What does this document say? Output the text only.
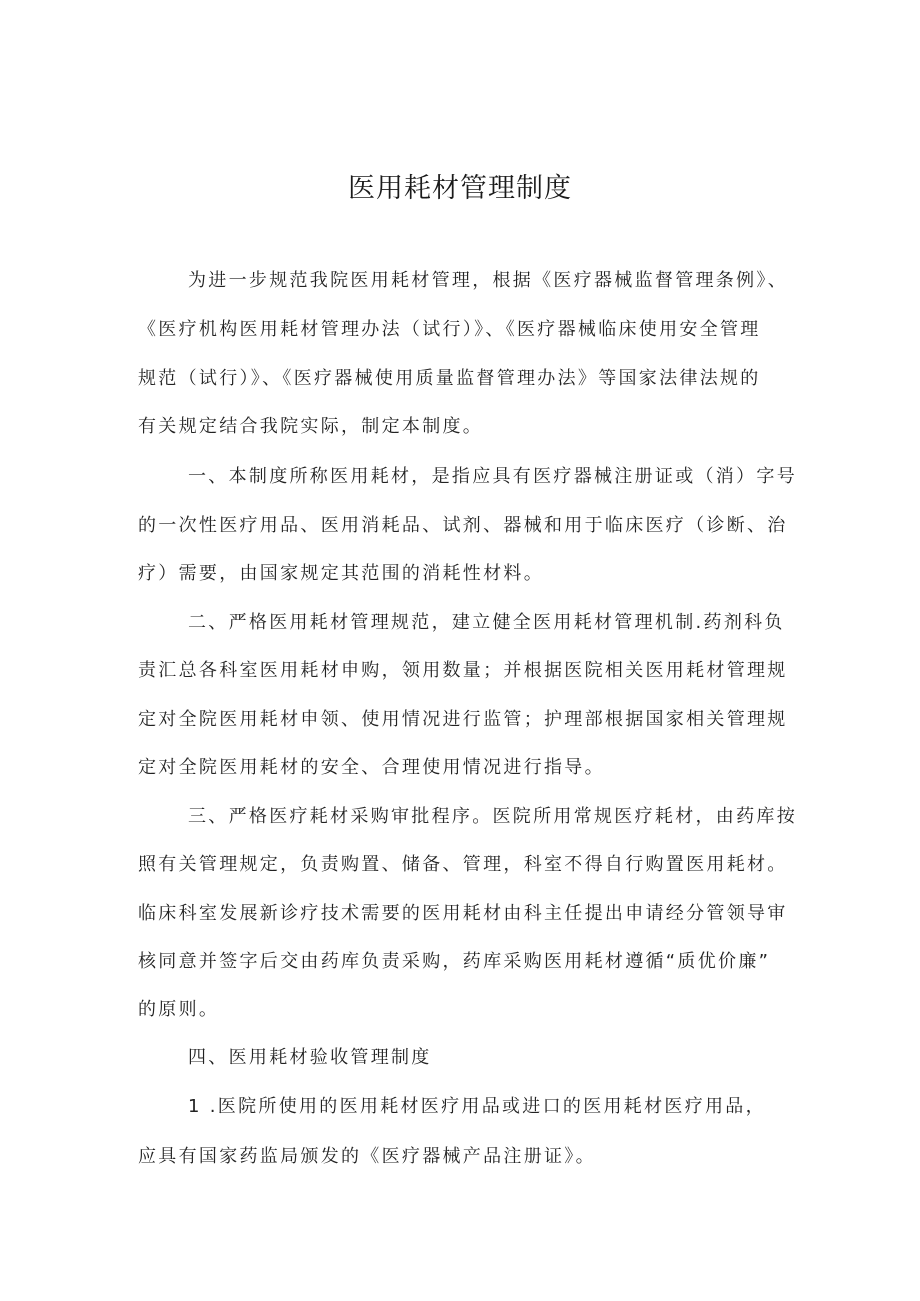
医用耗材管理制度
为进一步规范我院医用耗材管理，根据《医疗器械监督管理条例》、
《医疗机构医用耗材管理办法（试行）》、《医疗器械临床使用安全管理
规范（试行）》、《医疗器械使用质量监督管理办法》等国家法律法规的
有关规定结合我院实际，制定本制度。
一、本制度所称医用耗材，是指应具有医疗器械注册证或（消）字号
的一次性医疗用品、医用消耗品、试剂、器械和用于临床医疗（诊断、治
疗）需要，由国家规定其范围的消耗性材料。
二、严格医用耗材管理规范，建立健全医用耗材管理机制.药剂科负
责汇总各科室医用耗材申购，领用数量；并根据医院相关医用耗材管理规
定对全院医用耗材申领、使用情况进行监管；护理部根据国家相关管理规
定对全院医用耗材的安全、合理使用情况进行指导。
三、严格医疗耗材采购审批程序。医院所用常规医疗耗材，由药库按
照有关管理规定，负责购置、储备、管理，科室不得自行购置医用耗材。
临床科室发展新诊疗技术需要的医用耗材由科主任提出申请经分管领导审
核同意并签字后交由药库负责采购，药库采购医用耗材遵循“质优价廉”
的原则。
四、医用耗材验收管理制度
1 .医院所使用的医用耗材医疗用品或进口的医用耗材医疗用品，
应具有国家药监局颁发的《医疗器械产品注册证》。
